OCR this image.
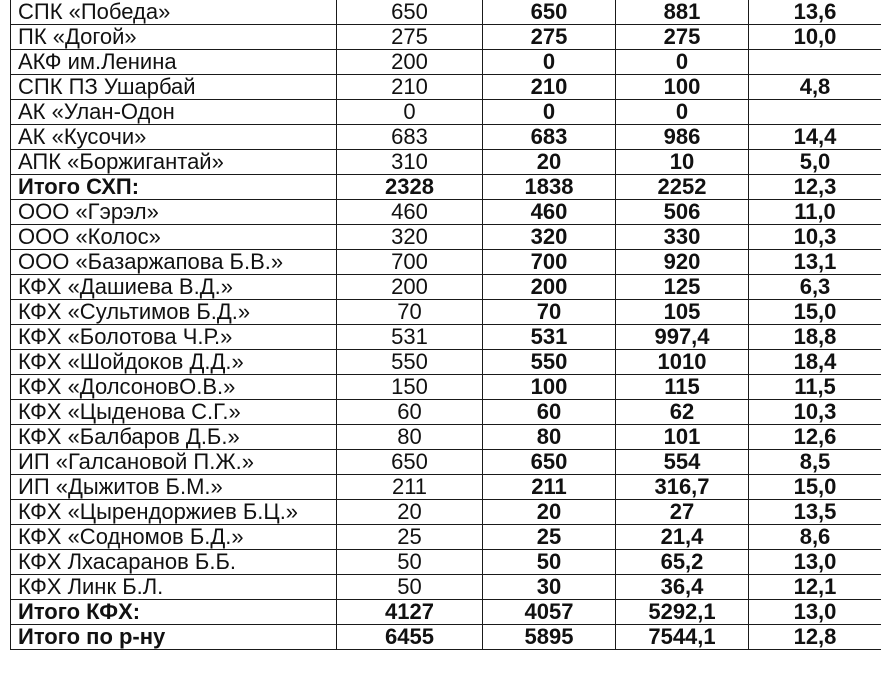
СПК «Победа»	650	650	881	13,6
ПК «Догой»	275	275	275	10,0
АКФ им.Ленина	200	0	0	
СПК ПЗ Ушарбай	210	210	100	4,8
АК «Улан-Одон	0	0	0	
АК «Кусочи»	683	683	986	14,4
АПК «Боржигантай»	310	20	10	5,0
Итого СХП:	2328	1838	2252	12,3
ООО «Гэрэл»	460	460	506	11,0
ООО «Колос»	320	320	330	10,3
ООО «Базаржапова Б.В.»	700	700	920	13,1
КФХ «Дашиева В.Д.»	200	200	125	6,3
КФХ «Сультимов Б.Д.»	70	70	105	15,0
КФХ «Болотова Ч.Р.»	531	531	997,4	18,8
КФХ «Шойдоков Д.Д.»	550	550	1010	18,4
КФХ «ДолсоновО.В.»	150	100	115	11,5
КФХ «Цыденова С.Г.»	60	60	62	10,3
КФХ «Балбаров Д.Б.»	80	80	101	12,6
ИП «Галсановой П.Ж.»	650	650	554	8,5
ИП «Дыжитов Б.М.»	211	211	316,7	15,0
КФХ «Цырендоржиев Б.Ц.»	20	20	27	13,5
КФХ «Содномов Б.Д.»	25	25	21,4	8,6
КФХ Лхасаранов Б.Б.	50	50	65,2	13,0
КФХ Линк Б.Л.	50	30	36,4	12,1
Итого КФХ:	4127	4057	5292,1	13,0
Итого по р-ну	6455	5895	7544,1	12,8
